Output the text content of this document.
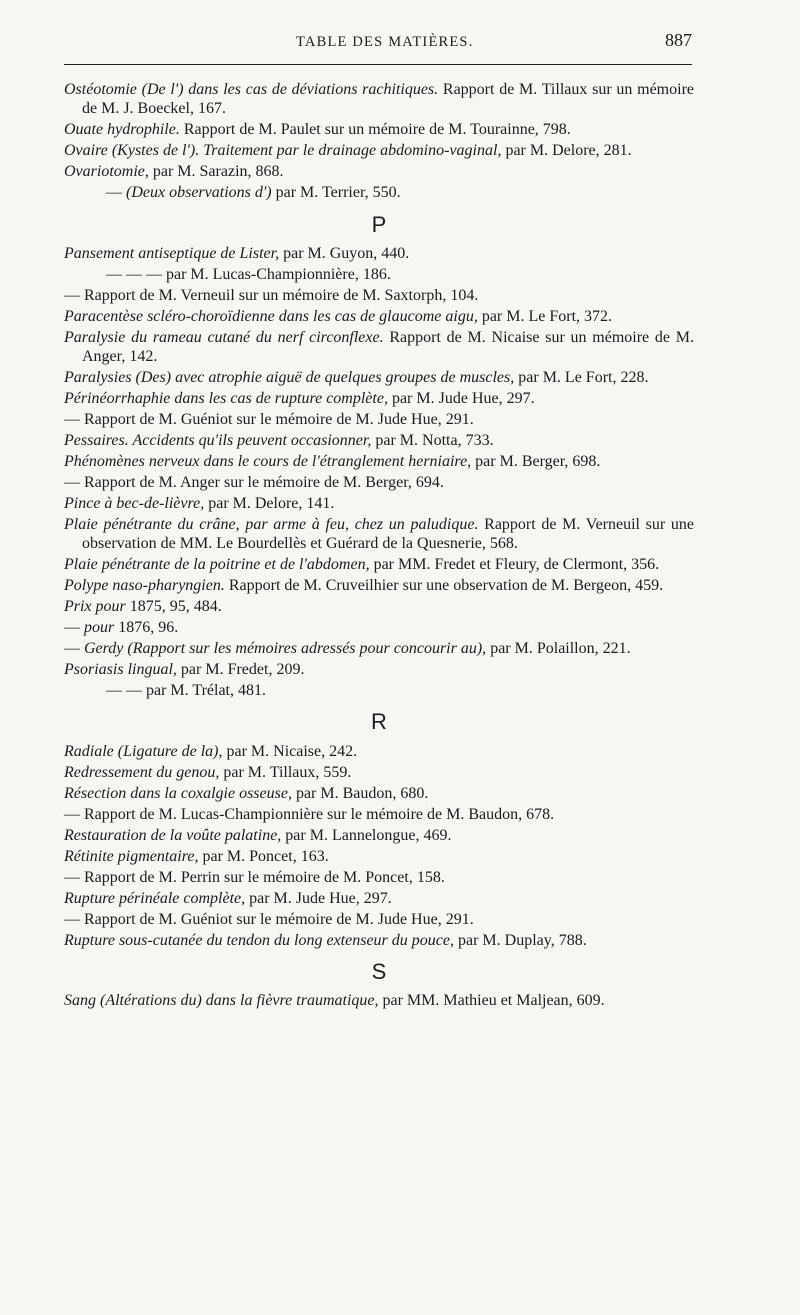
TABLE DES MATIÈRES.	887
Ostéotomie (De l') dans les cas de déviations rachitiques. Rapport de M. Tillaux sur un mémoire de M. J. Boeckel, 167.
Ouate hydrophile. Rapport de M. Paulet sur un mémoire de M. Tourainne, 798.
Ovaire (Kystes de l'). Traitement par le drainage abdomino-vaginal, par M. Delore, 281.
Ovariotomie, par M. Sarazin, 868.
— (Deux observations d') par M. Terrier, 550.
P
Pansement antiseptique de Lister, par M. Guyon, 440.
— — — par M. Lucas-Championnière, 186.
— Rapport de M. Verneuil sur un mémoire de M. Saxtorph, 104.
Paracentèse scléro-choroïdienne dans les cas de glaucome aigu, par M. Le Fort, 372.
Paralysie du rameau cutané du nerf circonflexe. Rapport de M. Nicaise sur un mémoire de M. Anger, 142.
Paralysies (Des) avec atrophie aiguë de quelques groupes de muscles, par M. Le Fort, 228.
Périnéorrhaphie dans les cas de rupture complète, par M. Jude Hue, 297.
— Rapport de M. Guéniot sur le mémoire de M. Jude Hue, 291.
Pessaires. Accidents qu'ils peuvent occasionner, par M. Notta, 733.
Phénomènes nerveux dans le cours de l'étranglement herniaire, par M. Berger, 698.
— Rapport de M. Anger sur le mémoire de M. Berger, 694.
Pince à bec-de-lièvre, par M. Delore, 141.
Plaie pénétrante du crâne, par arme à feu, chez un paludique. Rapport de M. Verneuil sur une observation de MM. Le Bourdellès et Guérard de la Quesnerie, 568.
Plaie pénétrante de la poitrine et de l'abdomen, par MM. Fredet et Fleury, de Clermont, 356.
Polype naso-pharyngien. Rapport de M. Cruveilhier sur une observation de M. Bergeon, 459.
Prix pour 1875, 95, 484.
— pour 1876, 96.
— Gerdy (Rapport sur les mémoires adressés pour concourir au), par M. Polaillon, 221.
Psoriasis lingual, par M. Fredet, 209.
— — par M. Trélat, 481.
R
Radiale (Ligature de la), par M. Nicaise, 242.
Redressement du genou, par M. Tillaux, 559.
Résection dans la coxalgie osseuse, par M. Baudon, 680.
— Rapport de M. Lucas-Championnière sur le mémoire de M. Baudon, 678.
Restauration de la voûte palatine, par M. Lannelongue, 469.
Rétinite pigmentaire, par M. Poncet, 163.
— Rapport de M. Perrin sur le mémoire de M. Poncet, 158.
Rupture périnéale complète, par M. Jude Hue, 297.
— Rapport de M. Guéniot sur le mémoire de M. Jude Hue, 291.
Rupture sous-cutanée du tendon du long extenseur du pouce, par M. Duplay, 788.
S
Sang (Altérations du) dans la fièvre traumatique, par MM. Mathieu et Maljean, 609.
